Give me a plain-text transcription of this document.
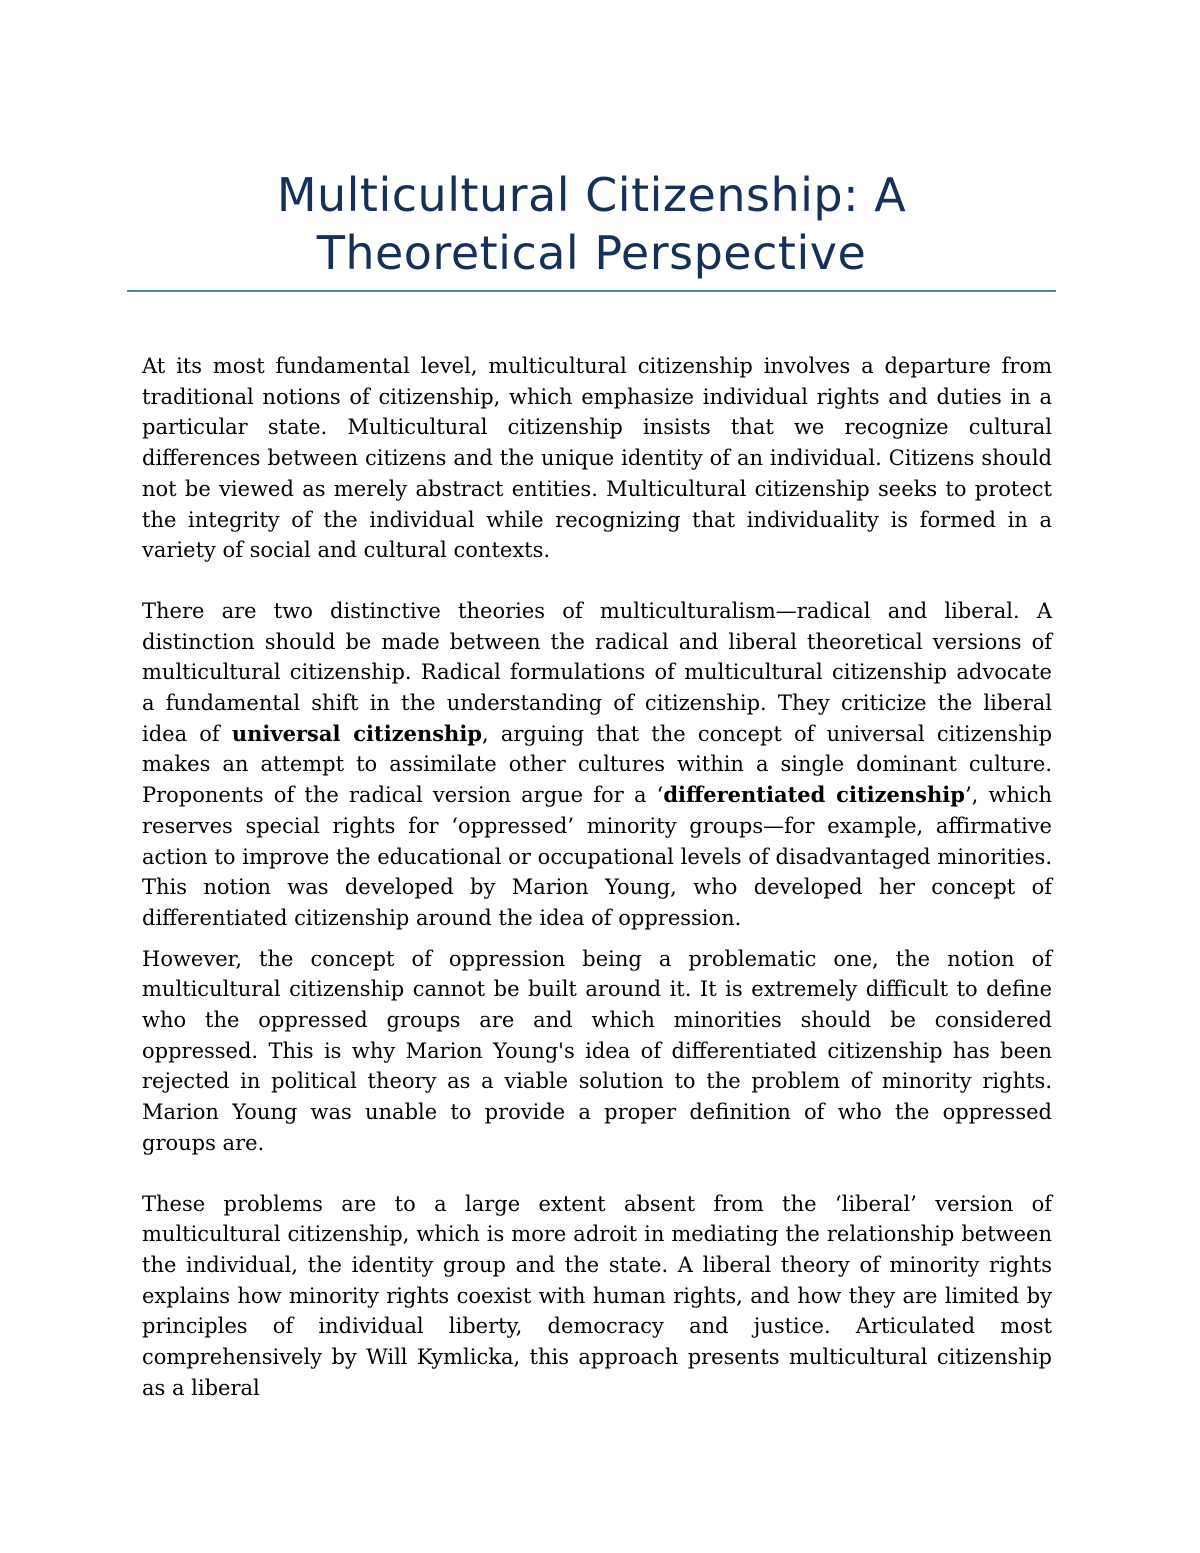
Multicultural Citizenship: A
Theoretical Perspective

At its most fundamental level, multicultural citizenship involves a departure from traditional notions of citizenship, which emphasize individual rights and duties in a particular state. Multicultural citizenship insists that we recognize cultural differences between citizens and the unique identity of an individual. Citizens should not be viewed as merely abstract entities. Multicultural citizenship seeks to protect the integrity of the individual while recognizing that individuality is formed in a variety of social and cultural contexts.

There are two distinctive theories of multiculturalism—radical and liberal. A distinction should be made between the radical and liberal theoretical versions of multicultural citizenship. Radical formulations of multicultural citizenship advocate a fundamental shift in the understanding of citizenship. They criticize the liberal idea of universal citizenship, arguing that the concept of universal citizenship makes an attempt to assimilate other cultures within a single dominant culture. Proponents of the radical version argue for a ‘differentiated citizenship’, which reserves special rights for ‘oppressed’ minority groups—for example, affirmative action to improve the educational or occupational levels of disadvantaged minorities. This notion was developed by Marion Young, who developed her concept of differentiated citizenship around the idea of oppression.

However, the concept of oppression being a problematic one, the notion of multicultural citizenship cannot be built around it. It is extremely difficult to define who the oppressed groups are and which minorities should be considered oppressed. This is why Marion Young's idea of differentiated citizenship has been rejected in political theory as a viable solution to the problem of minority rights. Marion Young was unable to provide a proper definition of who the oppressed groups are.

These problems are to a large extent absent from the ‘liberal’ version of multicultural citizenship, which is more adroit in mediating the relationship between the individual, the identity group and the state. A liberal theory of minority rights explains how minority rights coexist with human rights, and how they are limited by principles of individual liberty, democracy and justice. Articulated most comprehensively by Will Kymlicka, this approach presents multicultural citizenship as a liberal
